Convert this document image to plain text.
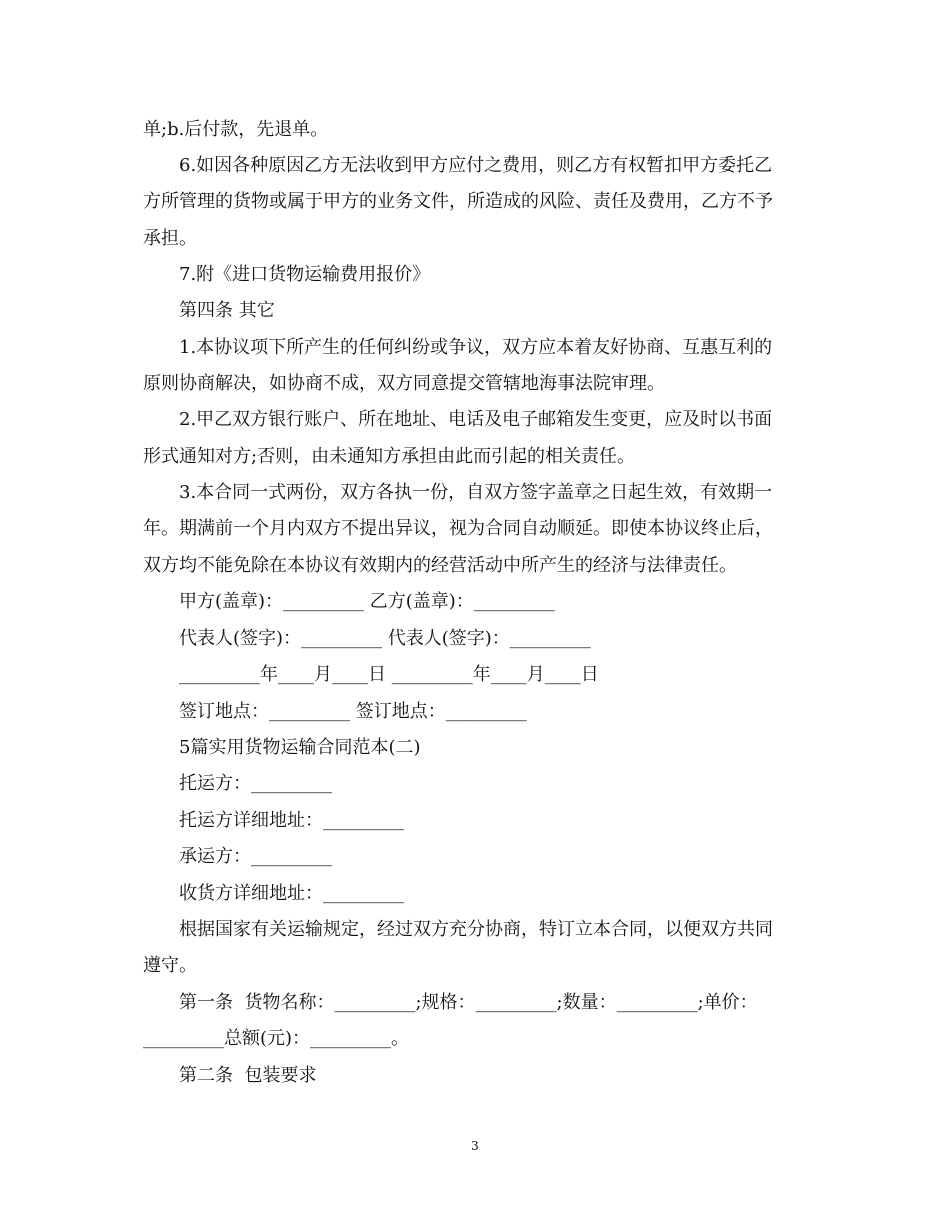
单;b.后付款，先退单。
6.如因各种原因乙方无法收到甲方应付之费用，则乙方有权暂扣甲方委托乙
方所管理的货物或属于甲方的业务文件，所造成的风险、责任及费用，乙方不予
承担。
7.附《进口货物运输费用报价》
第四条 其它
1.本协议项下所产生的任何纠纷或争议，双方应本着友好协商、互惠互利的
原则协商解决，如协商不成，双方同意提交管辖地海事法院审理。
2.甲乙双方银行账户、所在地址、电话及电子邮箱发生变更，应及时以书面
形式通知对方;否则，由未通知方承担由此而引起的相关责任。
3.本合同一式两份，双方各执一份，自双方签字盖章之日起生效，有效期一
年。期满前一个月内双方不提出异议，视为合同自动顺延。即使本协议终止后，
双方均不能免除在本协议有效期内的经营活动中所产生的经济与法律责任。
甲方(盖章)：_________ 乙方(盖章)：_________
代表人(签字)：_________ 代表人(签字)：_________
_________年____月____日 _________年____月____日
签订地点：_________ 签订地点：_________
5篇实用货物运输合同范本(二)
托运方：_________
托运方详细地址：_________
承运方：_________
收货方详细地址：_________
根据国家有关运输规定，经过双方充分协商，特订立本合同，以便双方共同
遵守。
第一条  货物名称：_________;规格：_________;数量：_________;单价：
_________总额(元)：_________。
第二条  包装要求
3
